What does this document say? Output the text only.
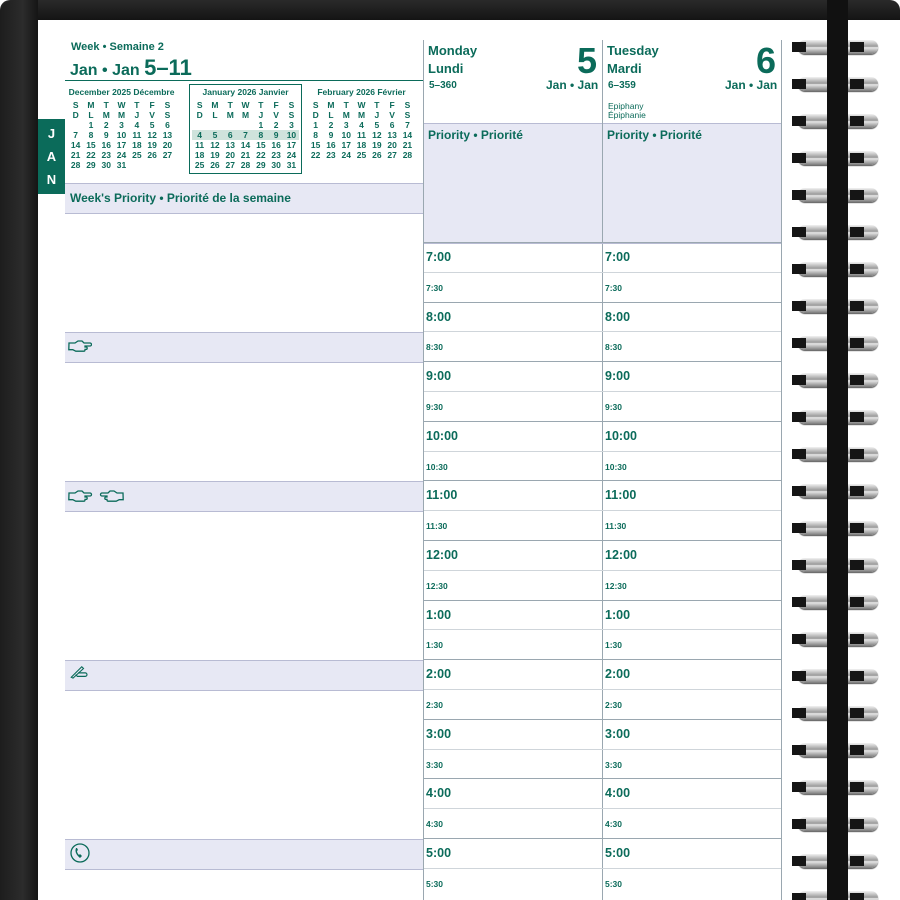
Week • Semaine 2
Jan • Jan 5–11
December 2025 Décembre
S	M	T	W	T	F	S
D	L	M	M	J	V	S
	1	2	3	4	5	6
7	8	9	10	11	12	13
14	15	16	17	18	19	20
21	22	23	24	25	26	27
28	29	30	31			
January 2026 Janvier
S	M	T	W	T	F	S
D	L	M	M	J	V	S
				1	2	3
4	5	6	7	8	9	10
11	12	13	14	15	16	17
18	19	20	21	22	23	24
25	26	27	28	29	30	31
February 2026 Février
S	M	T	W	T	F	S
D	L	M	M	J	V	S
1	2	3	4	5	6	7
8	9	10	11	12	13	14
15	16	17	18	19	20	21
22	23	24	25	26	27	28

J
A
N
Week's Priority • Priorité de la semaine
Monday
Lundi
5–360
5
Jan • Jan
Tuesday
Mardi
6–359
Epiphany
Épiphanie
6
Jan • Jan
Priority • Priorité	Priority • Priorité
7:00	7:00
7:30	7:30
8:00	8:00
8:30	8:30
9:00	9:00
9:30	9:30
10:00	10:00
10:30	10:30
11:00	11:00
11:30	11:30
12:00	12:00
12:30	12:30
1:00	1:00
1:30	1:30
2:00	2:00
2:30	2:30
3:00	3:00
3:30	3:30
4:00	4:00
4:30	4:30
5:00	5:00
5:30	5:30
